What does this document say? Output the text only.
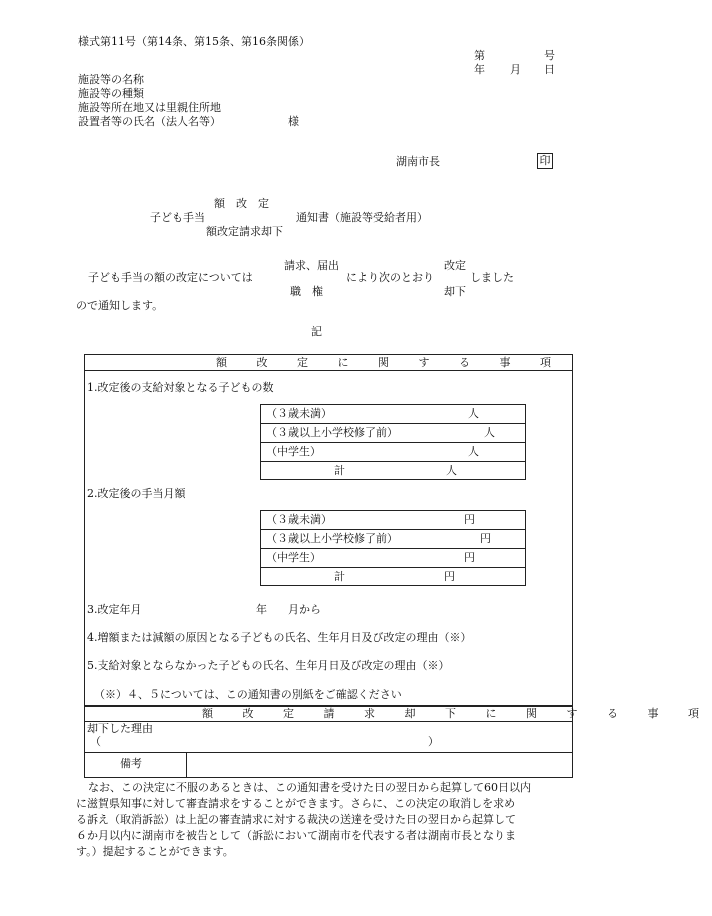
様式第11号（第14条、第15条、第16条関係）
第	号
年 月 日
施設等の名称
施設等の種類
施設等所在地又は里親住所地
設置者等の氏名（法人名等）	様
湖南市長	印
額　改　定
子ども手当	通知書（施設等受給者用）
額改定請求却下
子ども手当の額の改定については
請求、届出
職　権
により次のとおり
改定
却下
しました
ので通知します。
記
額 改 定 に 関 す る 事 項
1.改定後の支給対象となる子どもの数
（３歳未満）	人
（３歳以上小学校修了前）	人
（中学生）	人
計	人
2.改定後の手当月額
（３歳未満）	円
（３歳以上小学校修了前）	円
（中学生）	円
計	円
3.改定年月	年 月から
4.増額または減額の原因となる子どもの氏名、生年月日及び改定の理由（※）
5.支給対象とならなかった子どもの氏名、生年月日及び改定の理由（※）
（※）４、５については、この通知書の別紙をご確認ください
額 改 定 請 求 却 下 に 関 す る 事 項
却下した理由
（	）
備考
なお、この決定に不服のあるときは、この通知書を受けた日の翌日から起算して60日以内
に滋賀県知事に対して審査請求をすることができます。さらに、この決定の取消しを求め
る訴え（取消訴訟）は上記の審査請求に対する裁決の送達を受けた日の翌日から起算して
６か月以内に湖南市を被告として（訴訟において湖南市を代表する者は湖南市長となりま
す。）提起することができます。
